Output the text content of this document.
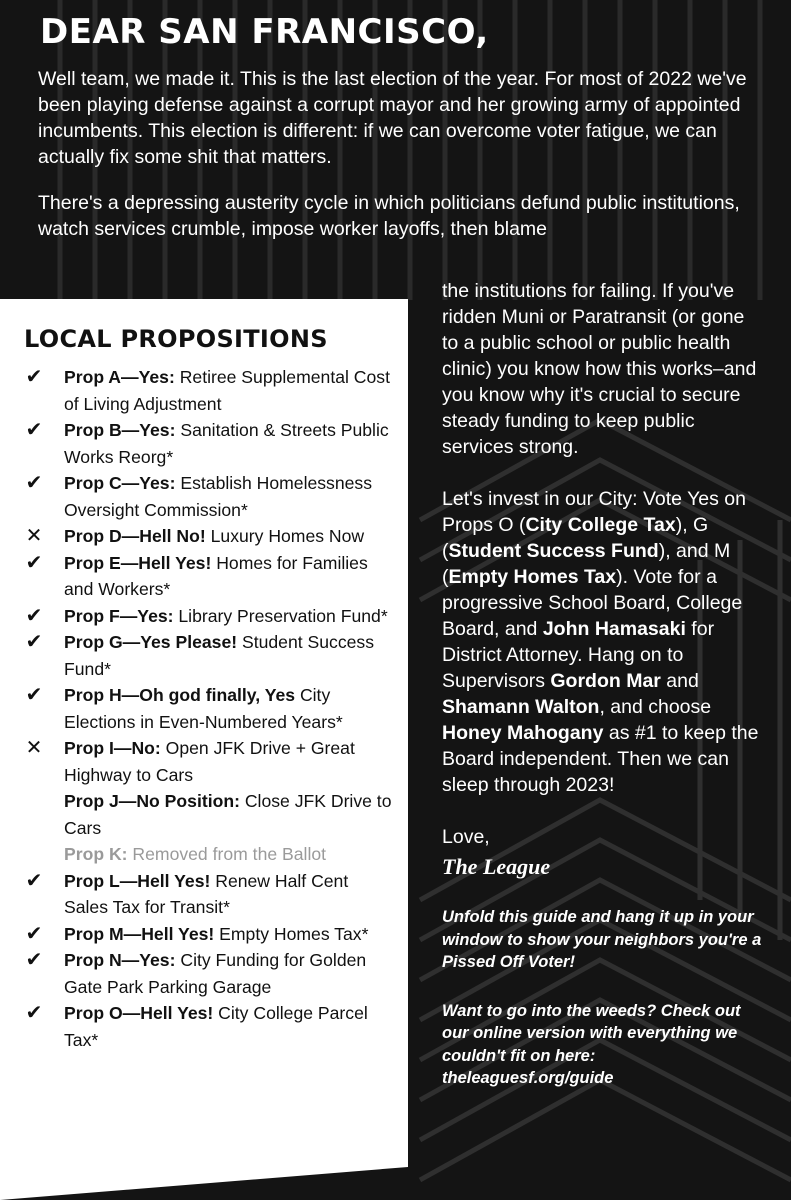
DEAR SAN FRANCISCO,

Well team, we made it. This is the last election of the year. For most of 2022 we've been playing defense against a corrupt mayor and her growing army of appointed incumbents. This election is different: if we can overcome voter fatigue, we can actually fix some shit that matters.

There's a depressing austerity cycle in which politicians defund public institutions, watch services crumble, impose worker layoffs, then blame

LOCAL PROPOSITIONS
✔ Prop A—Yes: Retiree Supplemental Cost of Living Adjustment
✔ Prop B—Yes: Sanitation & Streets Public Works Reorg*
✔ Prop C—Yes: Establish Homelessness Oversight Commission*
✕ Prop D—Hell No! Luxury Homes Now
✔ Prop E—Hell Yes! Homes for Families and Workers*
✔ Prop F—Yes: Library Preservation Fund*
✔ Prop G—Yes Please! Student Success Fund*
✔ Prop H—Oh god finally, Yes City Elections in Even-Numbered Years*
✕ Prop I—No: Open JFK Drive + Great Highway to Cars
Prop J—No Position: Close JFK Drive to Cars
Prop K: Removed from the Ballot
✔ Prop L—Hell Yes! Renew Half Cent Sales Tax for Transit*
✔ Prop M—Hell Yes! Empty Homes Tax*
✔ Prop N—Yes: City Funding for Golden Gate Park Parking Garage
✔ Prop O—Hell Yes! City College Parcel Tax*

the institutions for failing. If you've ridden Muni or Paratransit (or gone to a public school or public health clinic) you know how this works–and you know why it's crucial to secure steady funding to keep public services strong.

Let's invest in our City: Vote Yes on Props O (City College Tax), G (Student Success Fund), and M (Empty Homes Tax). Vote for a progressive School Board, College Board, and John Hamasaki for District Attorney. Hang on to Supervisors Gordon Mar and Shamann Walton, and choose Honey Mahogany as #1 to keep the Board independent. Then we can sleep through 2023!

Love,

The League

Unfold this guide and hang it up in your window to show your neighbors you're a Pissed Off Voter!

Want to go into the weeds? Check out our online version with everything we couldn't fit on here: theleaguesf.org/guide
